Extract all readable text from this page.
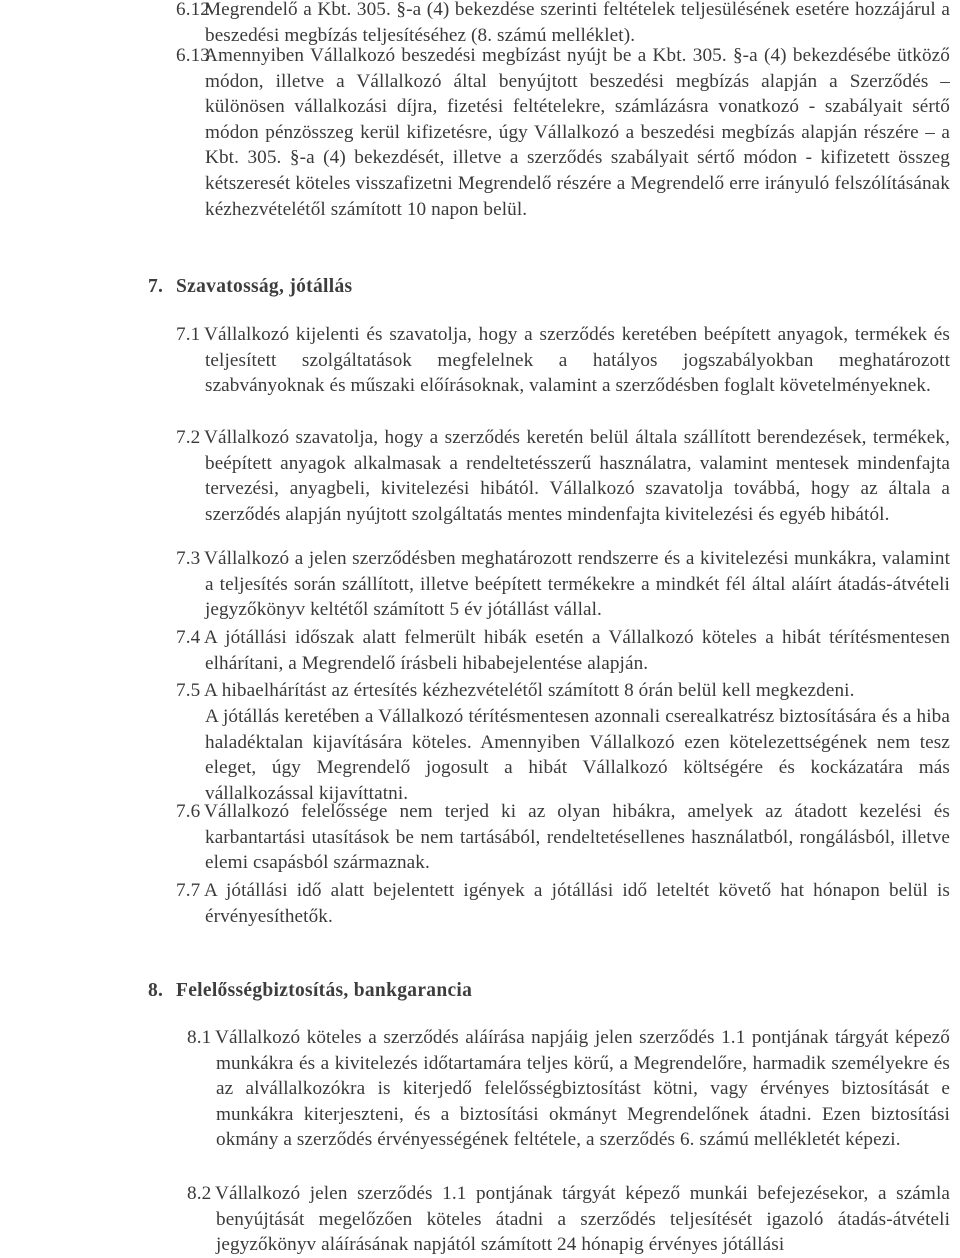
6.12Megrendelő a Kbt. 305. §-a (4) bekezdése szerinti feltételek teljesülésének esetére hozzájárul a beszedési megbízás teljesítéséhez (8. számú melléklet).
6.13Amennyiben Vállalkozó beszedési megbízást nyújt be a Kbt. 305. §-a (4) bekezdésébe ütköző módon, illetve a Vállalkozó által benyújtott beszedési megbízás alapján a Szerződés – különösen vállalkozási díjra, fizetési feltételekre, számlázásra vonatkozó - szabályait sértő módon pénzösszeg kerül kifizetésre, úgy Vállalkozó a beszedési megbízás alapján részére – a Kbt. 305. §-a (4) bekezdését, illetve a szerződés szabályait sértő módon - kifizetett összeg kétszeresét köteles visszafizetni Megrendelő részére a Megrendelő erre irányuló felszólításának kézhezvételétől számított 10 napon belül.
7. Szavatosság, jótállás
7.1 Vállalkozó kijelenti és szavatolja, hogy a szerződés keretében beépített anyagok, termékek és teljesített szolgáltatások megfelelnek a hatályos jogszabályokban meghatározott szabványoknak és műszaki előírásoknak, valamint a szerződésben foglalt követelményeknek.
7.2 Vállalkozó szavatolja, hogy a szerződés keretén belül általa szállított berendezések, termékek, beépített anyagok alkalmasak a rendeltetésszerű használatra, valamint mentesek mindenfajta tervezési, anyagbeli, kivitelezési hibától. Vállalkozó szavatolja továbbá, hogy az általa a szerződés alapján nyújtott szolgáltatás mentes mindenfajta kivitelezési és egyéb hibától.
7.3 Vállalkozó a jelen szerződésben meghatározott rendszerre és a kivitelezési munkákra, valamint a teljesítés során szállított, illetve beépített termékekre a mindkét fél által aláírt átadás-átvételi jegyzőkönyv keltétől számított 5 év jótállást vállal.
7.4 A jótállási időszak alatt felmerült hibák esetén a Vállalkozó köteles a hibát térítésmentesen elhárítani, a Megrendelő írásbeli hibabejelentése alapján.
7.5 A hibaelhárítást az értesítés kézhezvételétől számított 8 órán belül kell megkezdeni.
A jótállás keretében a Vállalkozó térítésmentesen azonnali cserealkatrész biztosítására és a hiba haladéktalan kijavítására köteles. Amennyiben Vállalkozó ezen kötelezettségének nem tesz eleget, úgy Megrendelő jogosult a hibát Vállalkozó költségére és kockázatára más vállalkozással kijavíttatni.
7.6 Vállalkozó felelőssége nem terjed ki az olyan hibákra, amelyek az átadott kezelési és karbantartási utasítások be nem tartásából, rendeltetésellenes használatból, rongálásból, illetve elemi csapásból származnak.
7.7 A jótállási idő alatt bejelentett igények a jótállási idő leteltét követő hat hónapon belül is érvényesíthetők.
8. Felelősségbiztosítás, bankgarancia
8.1 Vállalkozó köteles a szerződés aláírása napjáig jelen szerződés 1.1 pontjának tárgyát képező munkákra és a kivitelezés időtartamára teljes körű, a Megrendelőre, harmadik személyekre és az alvállalkozókra is kiterjedő felelősségbiztosítást kötni, vagy érvényes biztosítását e munkákra kiterjeszteni, és a biztosítási okmányt Megrendelőnek átadni. Ezen biztosítási okmány a szerződés érvényességének feltétele, a szerződés 6. számú mellékletét képezi.
8.2 Vállalkozó jelen szerződés 1.1 pontjának tárgyát képező munkái befejezésekor, a számla benyújtását megelőzően köteles átadni a szerződés teljesítését igazoló átadás-átvételi jegyzőkönyv aláírásának napjától számított 24 hónapig érvényes jótállási
